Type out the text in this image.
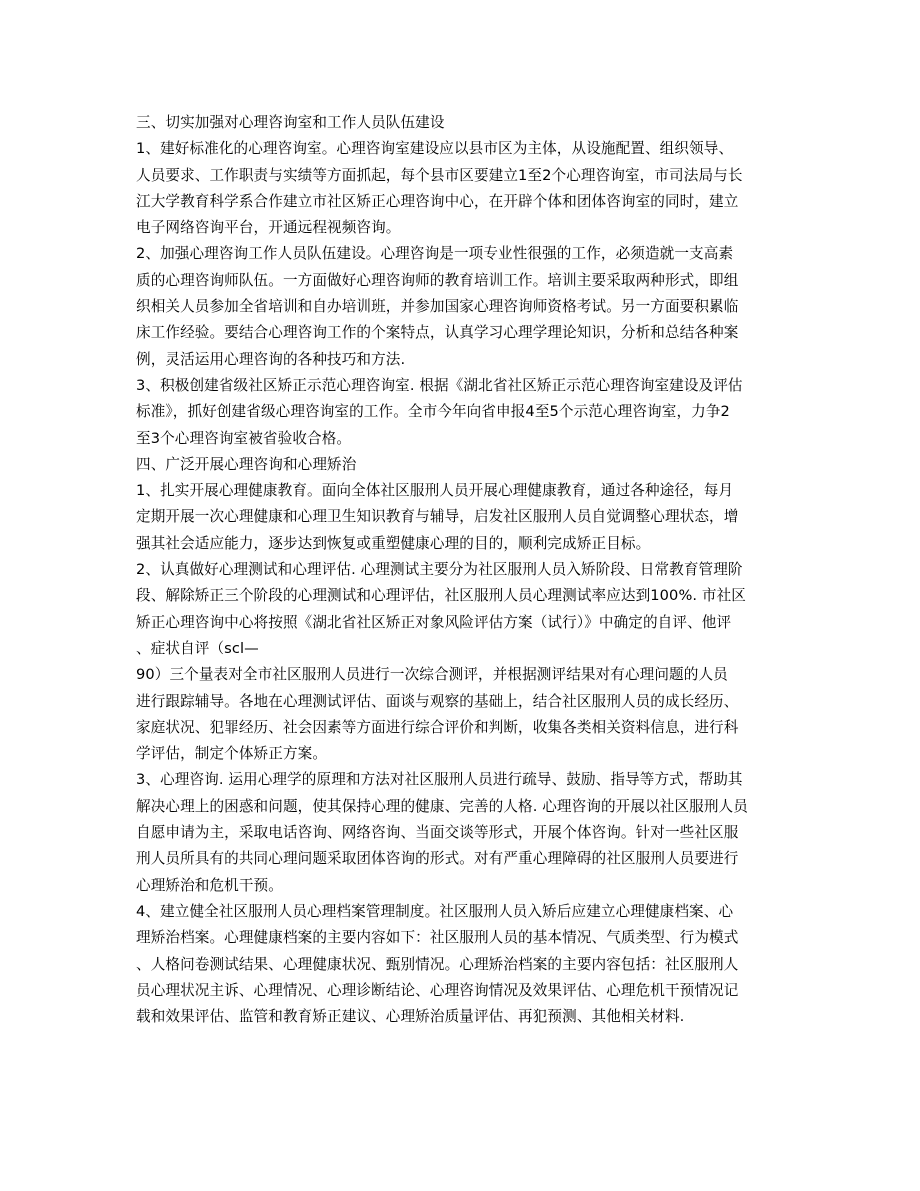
三、切实加强对心理咨询室和工作人员队伍建设
1、建好标准化的心理咨询室。心理咨询室建设应以县市区为主体，从设施配置、组织领导、
人员要求、工作职责与实绩等方面抓起，每个县市区要建立1至2个心理咨询室，市司法局与长
江大学教育科学系合作建立市社区矫正心理咨询中心，在开辟个体和团体咨询室的同时，建立
电子网络咨询平台，开通远程视频咨询。
2、加强心理咨询工作人员队伍建设。心理咨询是一项专业性很强的工作，必须造就一支高素
质的心理咨询师队伍。一方面做好心理咨询师的教育培训工作。培训主要采取两种形式，即组
织相关人员参加全省培训和自办培训班，并参加国家心理咨询师资格考试。另一方面要积累临
床工作经验。要结合心理咨询工作的个案特点，认真学习心理学理论知识，分析和总结各种案
例，灵活运用心理咨询的各种技巧和方法.
3、积极创建省级社区矫正示范心理咨询室. 根据《湖北省社区矫正示范心理咨询室建设及评估
标准》，抓好创建省级心理咨询室的工作。全市今年向省申报4至5个示范心理咨询室，力争2
至3个心理咨询室被省验收合格。
四、广泛开展心理咨询和心理矫治
1、扎实开展心理健康教育。面向全体社区服刑人员开展心理健康教育，通过各种途径，每月
定期开展一次心理健康和心理卫生知识教育与辅导，启发社区服刑人员自觉调整心理状态，增
强其社会适应能力，逐步达到恢复或重塑健康心理的目的，顺利完成矫正目标。
2、认真做好心理测试和心理评估. 心理测试主要分为社区服刑人员入矫阶段、日常教育管理阶
段、解除矫正三个阶段的心理测试和心理评估，社区服刑人员心理测试率应达到100%. 市社区
矫正心理咨询中心将按照《湖北省社区矫正对象风险评估方案（试行）》中确定的自评、他评
、症状自评（scl—
90）三个量表对全市社区服刑人员进行一次综合测评，并根据测评结果对有心理问题的人员
进行跟踪辅导。各地在心理测试评估、面谈与观察的基础上，结合社区服刑人员的成长经历、
家庭状况、犯罪经历、社会因素等方面进行综合评价和判断，收集各类相关资料信息，进行科
学评估，制定个体矫正方案。
3、心理咨询. 运用心理学的原理和方法对社区服刑人员进行疏导、鼓励、指导等方式，帮助其
解决心理上的困惑和问题，使其保持心理的健康、完善的人格. 心理咨询的开展以社区服刑人员
自愿申请为主，采取电话咨询、网络咨询、当面交谈等形式，开展个体咨询。针对一些社区服
刑人员所具有的共同心理问题采取团体咨询的形式。对有严重心理障碍的社区服刑人员要进行
心理矫治和危机干预。
4、建立健全社区服刑人员心理档案管理制度。社区服刑人员入矫后应建立心理健康档案、心
理矫治档案。心理健康档案的主要内容如下：社区服刑人员的基本情况、气质类型、行为模式
、人格问卷测试结果、心理健康状况、甄别情况。心理矫治档案的主要内容包括：社区服刑人
员心理状况主诉、心理情况、心理诊断结论、心理咨询情况及效果评估、心理危机干预情况记
载和效果评估、监管和教育矫正建议、心理矫治质量评估、再犯预测、其他相关材料.
